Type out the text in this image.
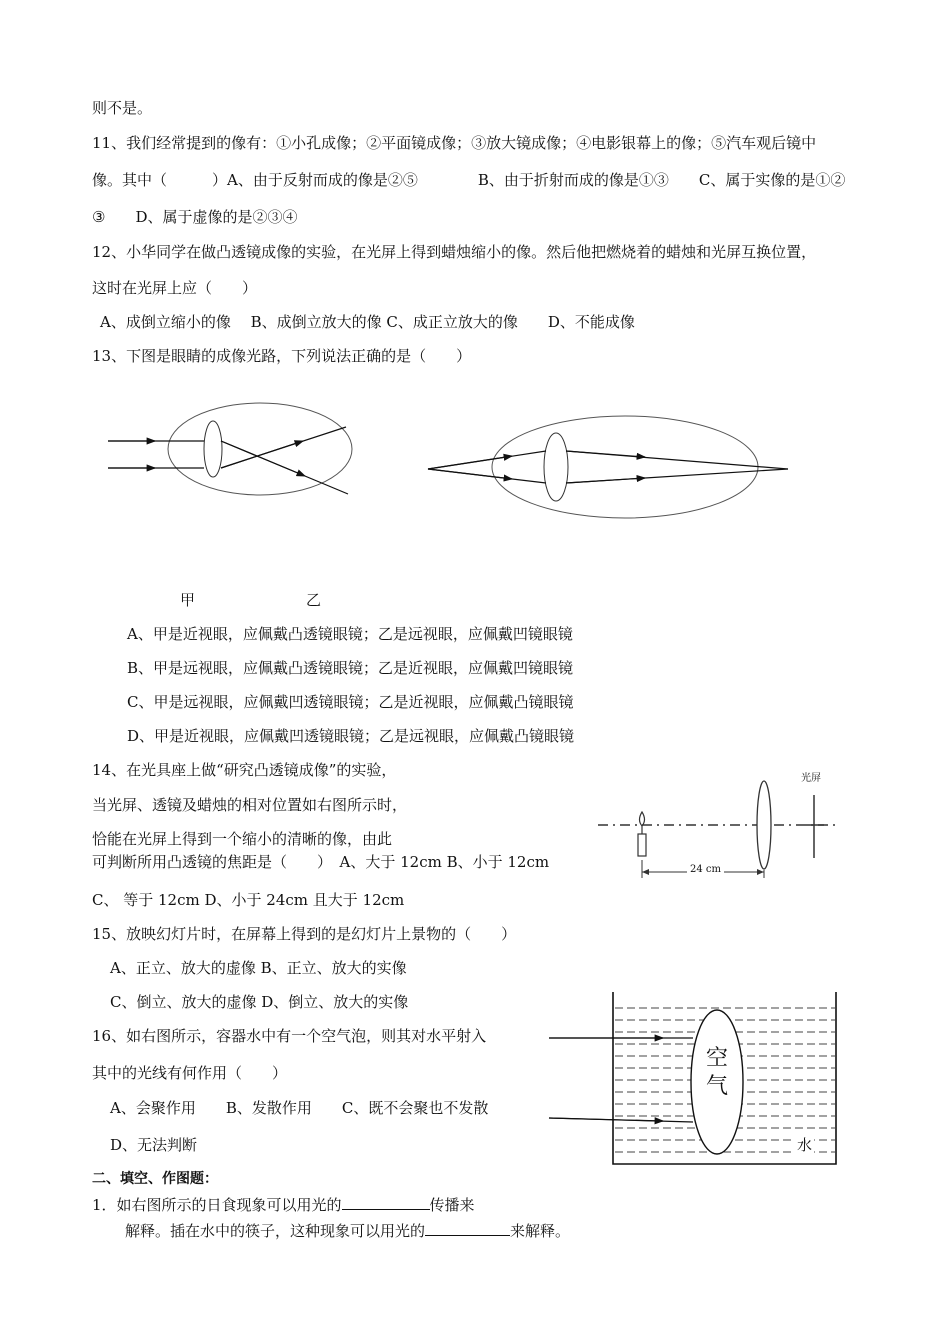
则不是。
11、我们经常提到的像有：①小孔成像；②平面镜成像；③放大镜成像；④电影银幕上的像；⑤汽车观后镜中
像。其中（　　　）A、由于反射而成的像是②⑤　　　　B、由于折射而成的像是①③　　C、属于实像的是①②
③　　D、属于虚像的是②③④
12、小华同学在做凸透镜成像的实验，在光屏上得到蜡烛缩小的像。然后他把燃烧着的蜡烛和光屏互换位置，
这时在光屏上应（　　）
A、成倒立缩小的像　 B、成倒立放大的像 C、成正立放大的像　　D、不能成像
13、下图是眼睛的成像光路，下列说法正确的是（　　）
甲	乙
A、甲是近视眼，应佩戴凸透镜眼镜；乙是远视眼，应佩戴凹镜眼镜
B、甲是远视眼，应佩戴凸透镜眼镜；乙是近视眼，应佩戴凹镜眼镜
C、甲是远视眼，应佩戴凹透镜眼镜；乙是近视眼，应佩戴凸镜眼镜
D、甲是近视眼，应佩戴凹透镜眼镜；乙是远视眼，应佩戴凸镜眼镜
14、在光具座上做“研究凸透镜成像”的实验，
当光屏、透镜及蜡烛的相对位置如右图所示时，
恰能在光屏上得到一个缩小的清晰的像，由此
可判断所用凸透镜的焦距是（　　）　A、大于 12cm B、小于 12cm
C、 等于 12cm D、小于 24cm 且大于 12cm
光屏
24 cm
15、放映幻灯片时，在屏幕上得到的是幻灯片上景物的（　　）
A、正立、放大的虚像 B、正立、放大的实像
C、倒立、放大的虚像 D、倒立、放大的实像
16、如右图所示，容器水中有一个空气泡，则其对水平射入
其中的光线有何作用（　　）
A、会聚作用　　B、发散作用　　C、既不会聚也不发散
D、无法判断
空
气
水
二、填空、作图题：
1．如右图所示的日食现象可以用光的	传播来
解释。插在水中的筷子，这种现象可以用光的	来解释。
